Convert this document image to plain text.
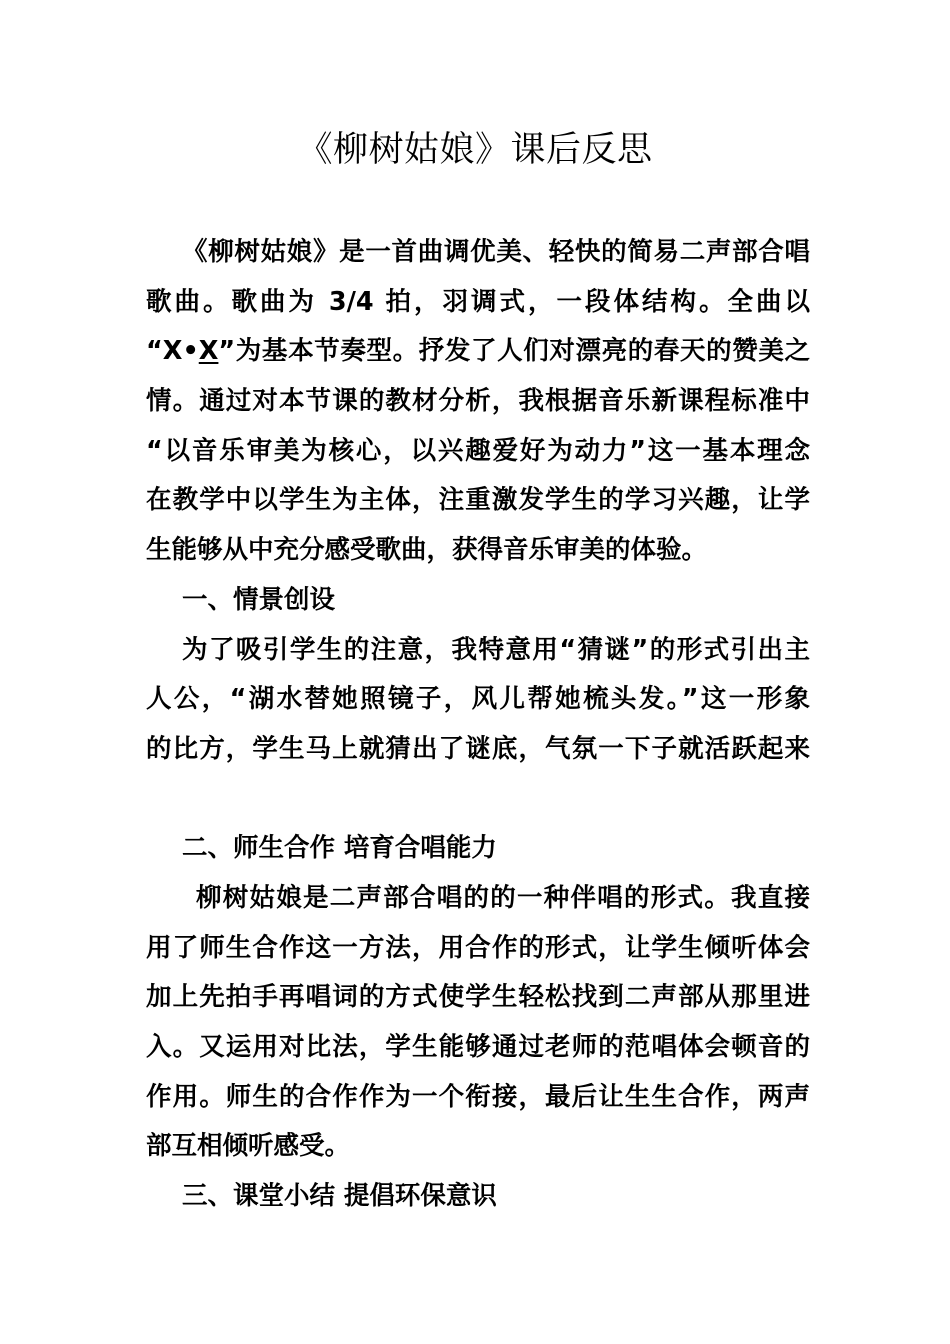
《柳树姑娘》课后反思
《柳树姑娘》是一首曲调优美、轻快的简易二声部合唱
歌曲。歌曲为 3/4 拍，羽调式，一段体结构。全曲以
“X•X”为基本节奏型。抒发了人们对漂亮的春天的赞美之
情。通过对本节课的教材分析，我根据音乐新课程标准中
“以音乐审美为核心，以兴趣爱好为动力”这一基本理念
在教学中以学生为主体，注重激发学生的学习兴趣，让学
生能够从中充分感受歌曲，获得音乐审美的体验。
一、情景创设
为了吸引学生的注意，我特意用“猜谜”的形式引出主
人公，“湖水替她照镜子，风儿帮她梳头发。”这一形象
的比方，学生马上就猜出了谜底，气氛一下子就活跃起来
二、师生合作 培育合唱能力
柳树姑娘是二声部合唱的的一种伴唱的形式。我直接
用了师生合作这一方法，用合作的形式，让学生倾听体会
加上先拍手再唱词的方式使学生轻松找到二声部从那里进
入。又运用对比法，学生能够通过老师的范唱体会顿音的
作用。师生的合作作为一个衔接，最后让生生合作，两声
部互相倾听感受。
三、课堂小结 提倡环保意识
